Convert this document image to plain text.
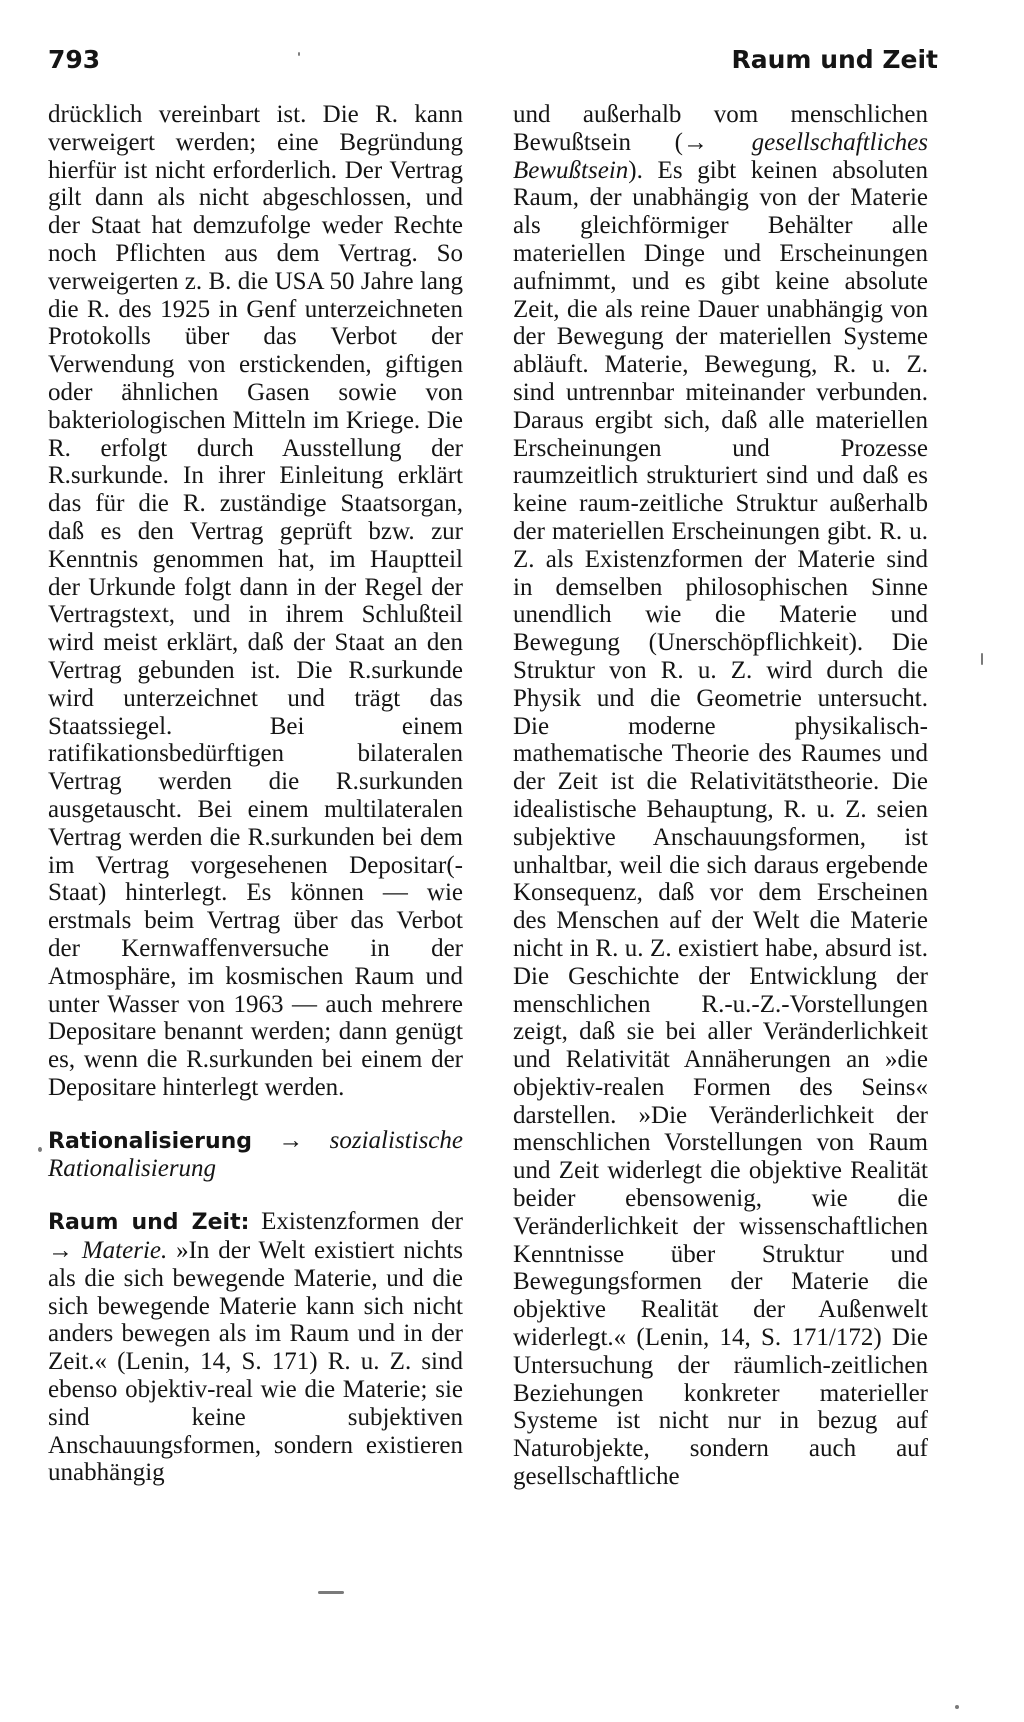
793	Raum und Zeit

drücklich vereinbart ist. Die R. kann verweigert werden; eine Begründung hierfür ist nicht erforderlich. Der Vertrag gilt dann als nicht abgeschlossen, und der Staat hat demzufolge weder Rechte noch Pflichten aus dem Vertrag. So verweigerten z. B. die USA 50 Jahre lang die R. des 1925 in Genf unterzeichneten Protokolls über das Verbot der Verwendung von erstickenden, giftigen oder ähnlichen Gasen sowie von bakteriologischen Mitteln im Kriege. Die R. erfolgt durch Ausstellung der R.surkunde. In ihrer Einleitung erklärt das für die R. zuständige Staatsorgan, daß es den Vertrag geprüft bzw. zur Kenntnis genommen hat, im Hauptteil der Urkunde folgt dann in der Regel der Vertragstext, und in ihrem Schlußteil wird meist erklärt, daß der Staat an den Vertrag gebunden ist. Die R.surkunde wird unterzeichnet und trägt das Staatssiegel. Bei einem ratifikationsbedürftigen bilateralen Vertrag werden die R.surkunden ausgetauscht. Bei einem multilateralen Vertrag werden die R.surkunden bei dem im Vertrag vorgesehenen Depositar(-Staat) hinterlegt. Es können — wie erstmals beim Vertrag über das Verbot der Kernwaffenversuche in der Atmosphäre, im kosmischen Raum und unter Wasser von 1963 — auch mehrere Depositare benannt werden; dann genügt es, wenn die R.surkunden bei einem der Depositare hinterlegt werden.

Rationalisierung → sozialistische Rationalisierung

Raum und Zeit: Existenzformen der → Materie. »In der Welt existiert nichts als die sich bewegende Materie, und die sich bewegende Materie kann sich nicht anders bewegen als im Raum und in der Zeit.« (Lenin, 14, S. 171) R. u. Z. sind ebenso objektiv-real wie die Materie; sie sind keine subjektiven Anschauungsformen, sondern existieren unabhängig

und außerhalb vom menschlichen Bewußtsein (→ gesellschaftliches Bewußtsein). Es gibt keinen absoluten Raum, der unabhängig von der Materie als gleichförmiger Behälter alle materiellen Dinge und Erscheinungen aufnimmt, und es gibt keine absolute Zeit, die als reine Dauer unabhängig von der Bewegung der materiellen Systeme abläuft. Materie, Bewegung, R. u. Z. sind untrennbar miteinander verbunden. Daraus ergibt sich, daß alle materiellen Erscheinungen und Prozesse raumzeitlich strukturiert sind und daß es keine raum-zeitliche Struktur außerhalb der materiellen Erscheinungen gibt. R. u. Z. als Existenzformen der Materie sind in demselben philosophischen Sinne unendlich wie die Materie und Bewegung (Unerschöpflichkeit). Die Struktur von R. u. Z. wird durch die Physik und die Geometrie untersucht. Die moderne physikalisch-mathematische Theorie des Raumes und der Zeit ist die Relativitätstheorie. Die idealistische Behauptung, R. u. Z. seien subjektive Anschauungsformen, ist unhaltbar, weil die sich daraus ergebende Konsequenz, daß vor dem Erscheinen des Menschen auf der Welt die Materie nicht in R. u. Z. existiert habe, absurd ist. Die Geschichte der Entwicklung der menschlichen R.-u.-Z.-Vorstellungen zeigt, daß sie bei aller Veränderlichkeit und Relativität Annäherungen an »die objektiv-realen Formen des Seins« darstellen. »Die Veränderlichkeit der menschlichen Vorstellungen von Raum und Zeit widerlegt die objektive Realität beider ebensowenig, wie die Veränderlichkeit der wissenschaftlichen Kenntnisse über Struktur und Bewegungsformen der Materie die objektive Realität der Außenwelt widerlegt.« (Lenin, 14, S. 171/172) Die Untersuchung der räumlich-zeitlichen Beziehungen konkreter materieller Systeme ist nicht nur in bezug auf Naturobjekte, sondern auch auf gesellschaftliche
